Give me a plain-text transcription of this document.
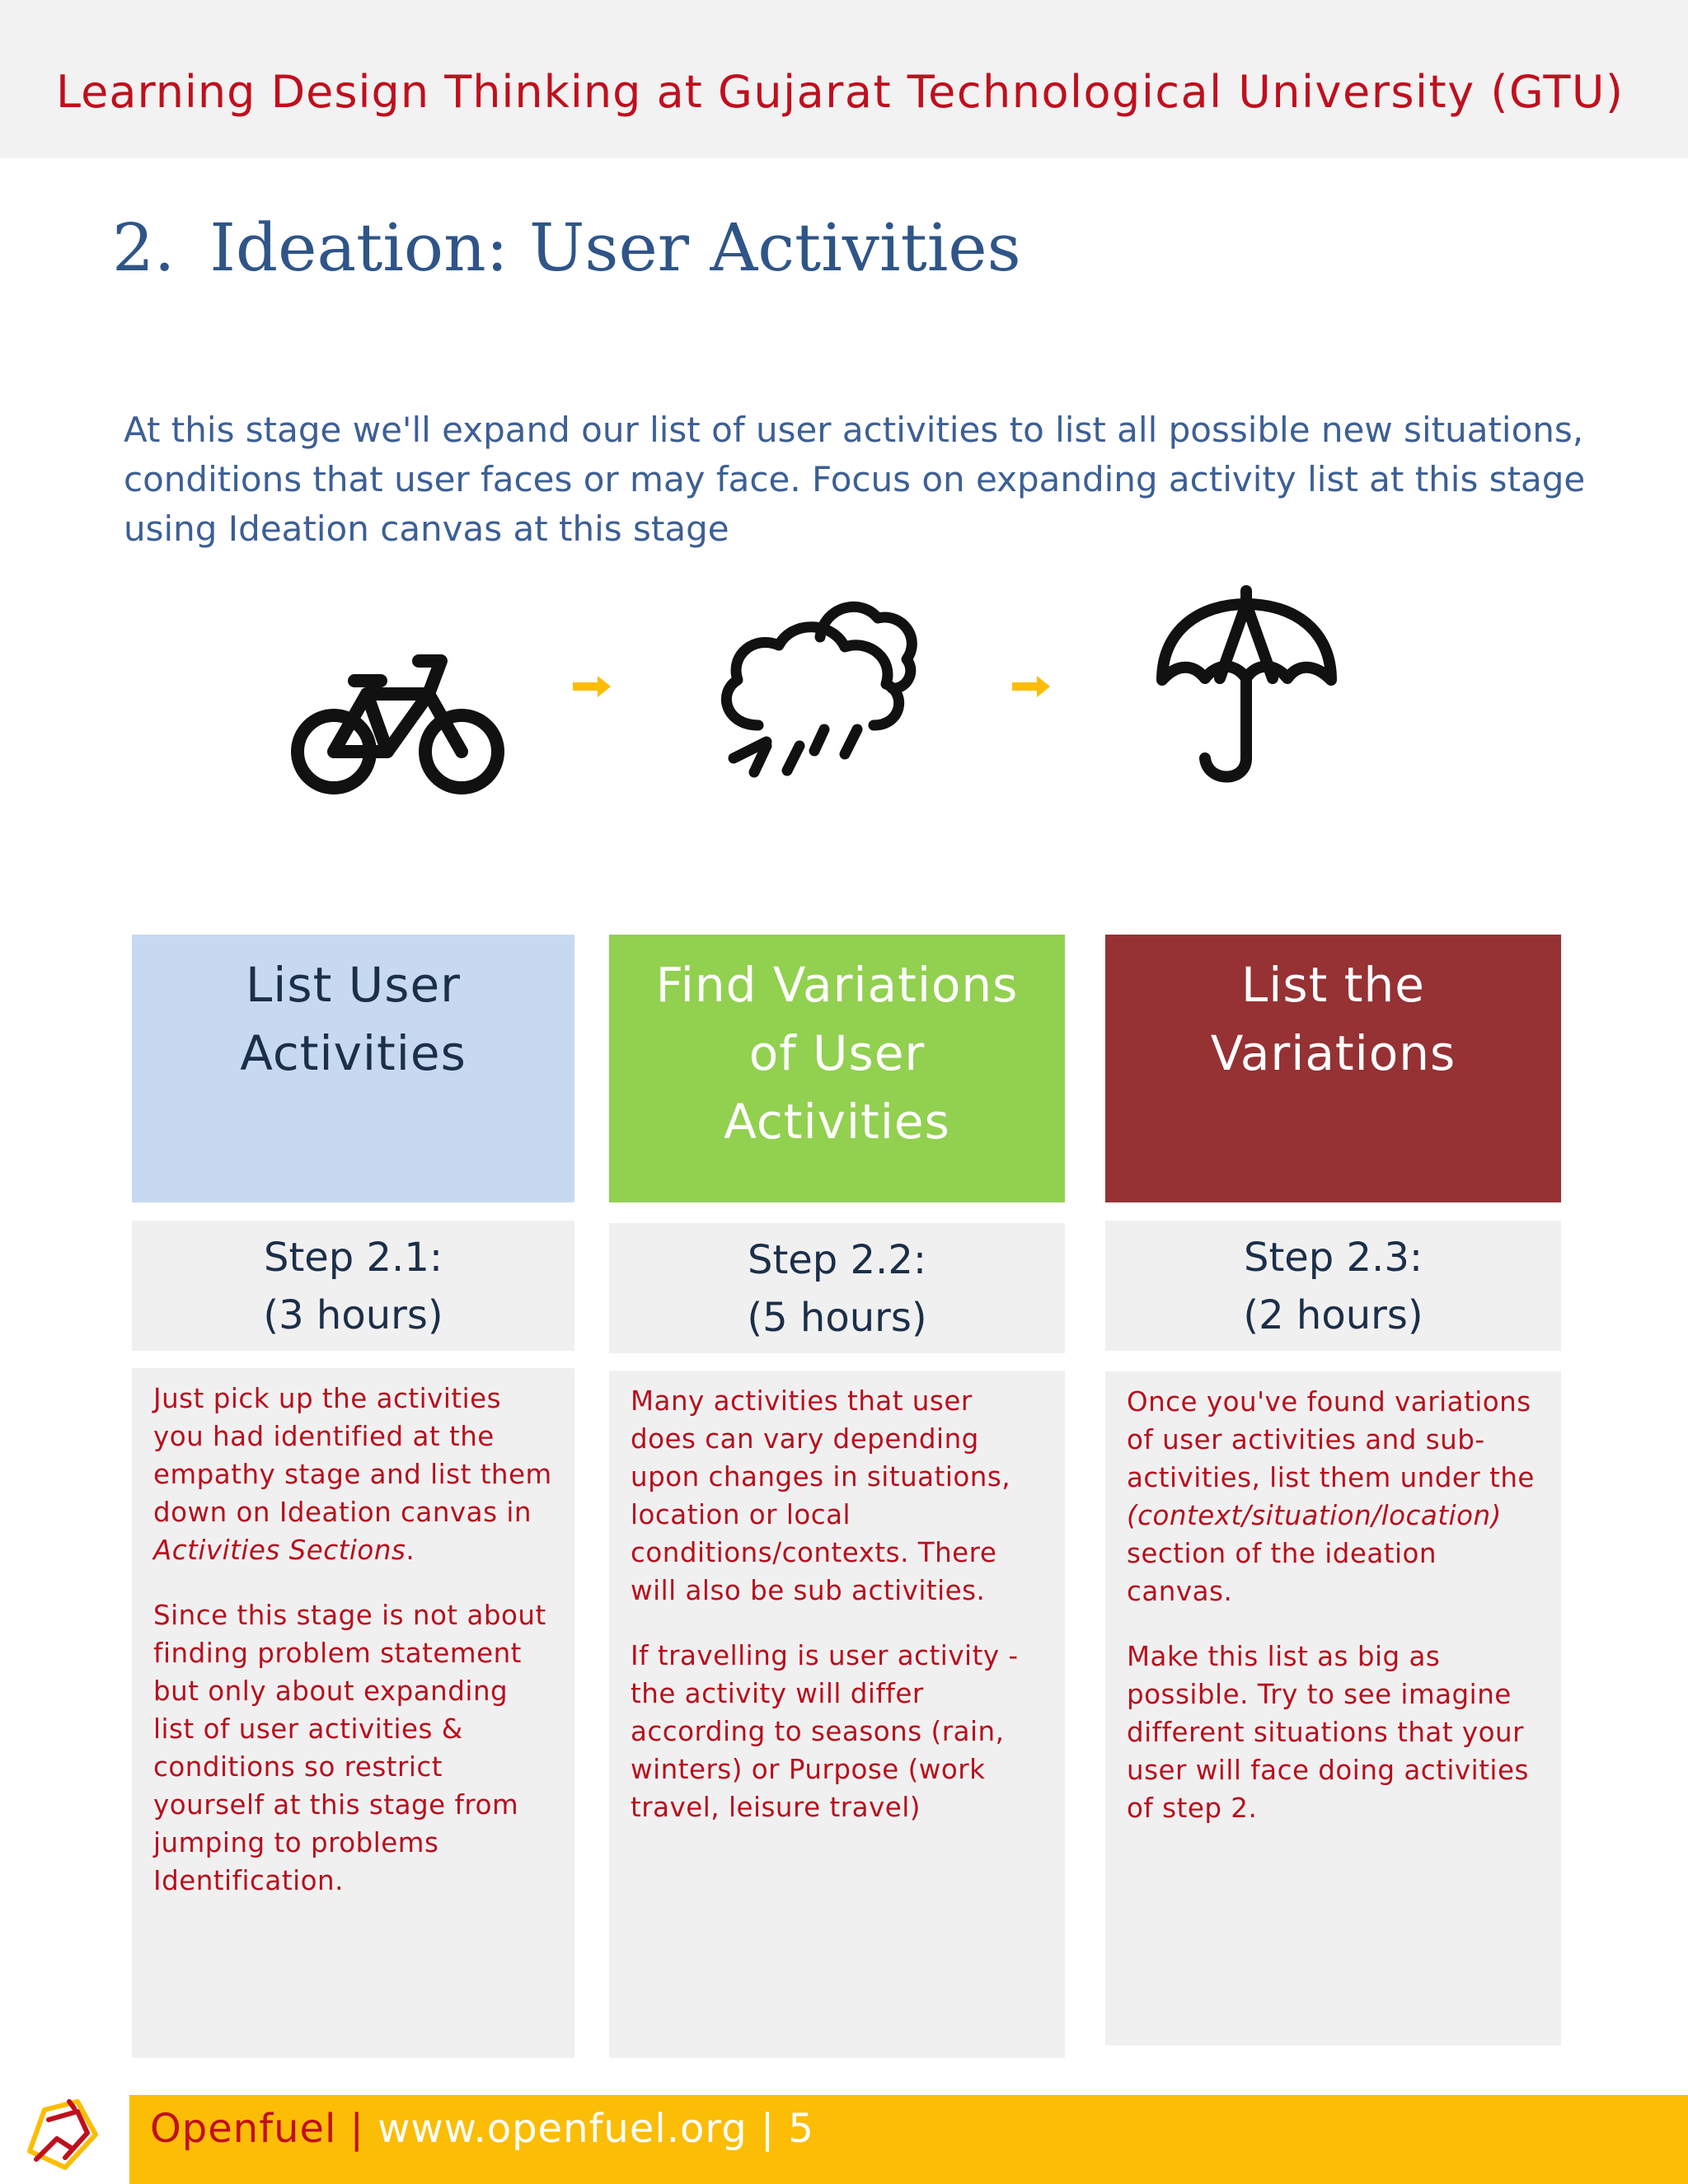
Learning Design Thinking at Gujarat Technological University (GTU)
2. Ideation: User Activities
At this stage we'll expand our list of user activities to list all possible new situations, conditions that user faces or may face. Focus on expanding activity list at this stage using Ideation canvas at this stage
List User
Activities
Step 2.1:
(3 hours)

Just pick up the activities you had identified at the empathy stage and list them down on Ideation canvas in Activities Sections.

Since this stage is not about finding problem statement but only about expanding list of user activities & conditions so restrict yourself at this stage from jumping to problems Identification.

Find Variations
of User
Activities
Step 2.2:
(5 hours)

Many activities that user does can vary depending upon changes in situations, location or local conditions/contexts. There will also be sub activities.

If travelling is user activity - the activity will differ according to seasons (rain, winters) or Purpose (work travel, leisure travel)

List the
Variations
Step 2.3:
(2 hours)

Once you've found variations of user activities and sub-activities, list them under the (context/situation/location) section of the ideation canvas.

Make this list as big as possible. Try to see imagine different situations that your user will face doing activities of step 2.

Openfuel | www.openfuel.org | 5
